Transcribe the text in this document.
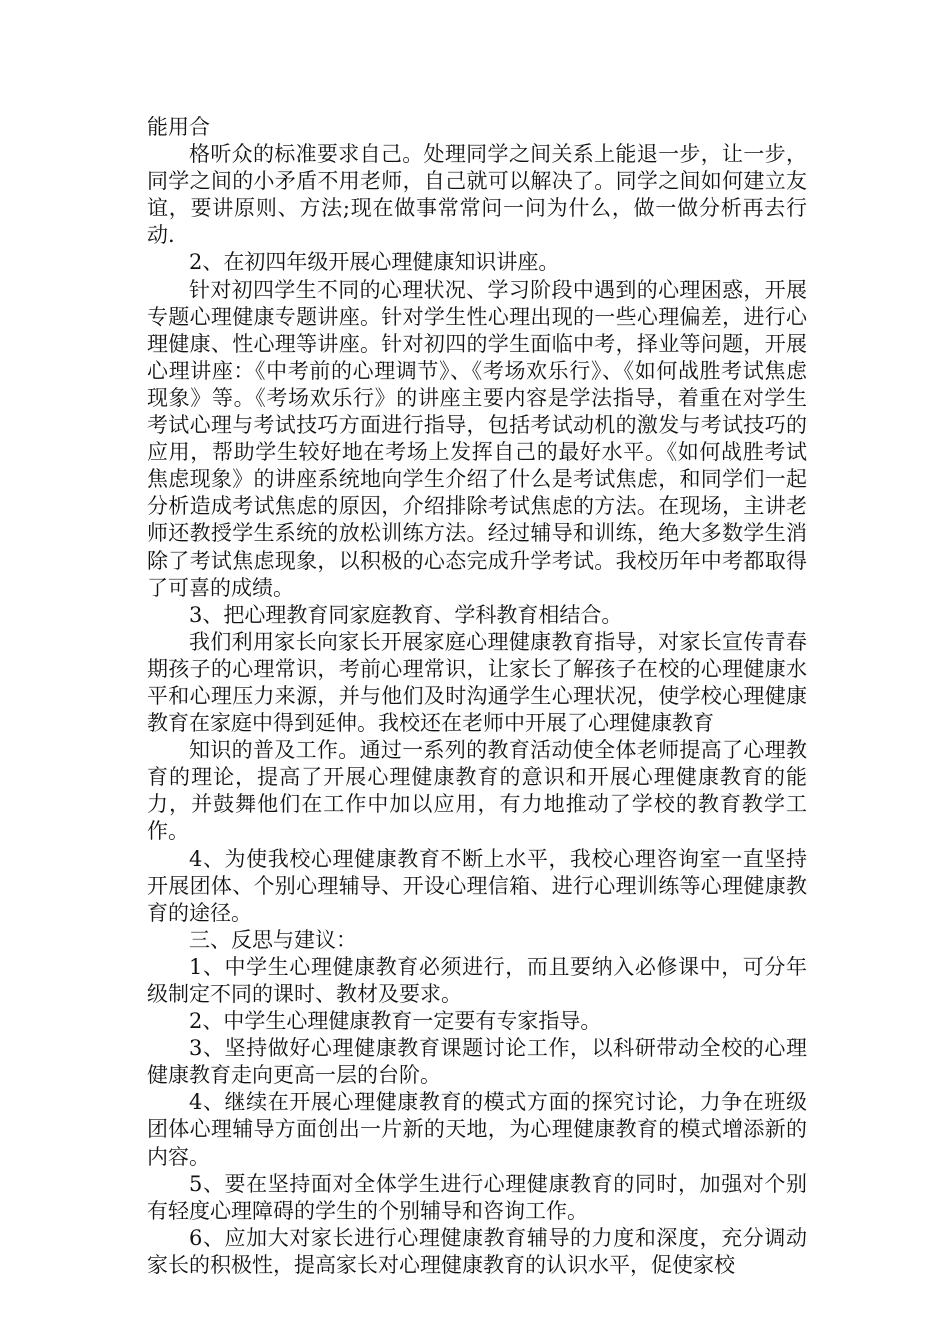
能用合

格听众的标准要求自己。处理同学之间关系上能退一步，让一步，同学之间的小矛盾不用老师，自己就可以解决了。同学之间如何建立友谊，要讲原则、方法;现在做事常常问一问为什么，做一做分析再去行动.

2、在初四年级开展心理健康知识讲座。

针对初四学生不同的心理状况、学习阶段中遇到的心理困惑，开展专题心理健康专题讲座。针对学生性心理出现的一些心理偏差，进行心理健康、性心理等讲座。针对初四的学生面临中考，择业等问题，开展心理讲座：《中考前的心理调节》、《考场欢乐行》、《如何战胜考试焦虑现象》等。《考场欢乐行》的讲座主要内容是学法指导，着重在对学生考试心理与考试技巧方面进行指导，包括考试动机的激发与考试技巧的应用，帮助学生较好地在考场上发挥自己的最好水平。《如何战胜考试焦虑现象》的讲座系统地向学生介绍了什么是考试焦虑，和同学们一起分析造成考试焦虑的原因，介绍排除考试焦虑的方法。在现场，主讲老师还教授学生系统的放松训练方法。经过辅导和训练，绝大多数学生消除了考试焦虑现象，以积极的心态完成升学考试。我校历年中考都取得了可喜的成绩。

3、把心理教育同家庭教育、学科教育相结合。

我们利用家长向家长开展家庭心理健康教育指导，对家长宣传青春期孩子的心理常识，考前心理常识，让家长了解孩子在校的心理健康水平和心理压力来源，并与他们及时沟通学生心理状况，使学校心理健康教育在家庭中得到延伸。我校还在老师中开展了心理健康教育

知识的普及工作。通过一系列的教育活动使全体老师提高了心理教育的理论，提高了开展心理健康教育的意识和开展心理健康教育的能力，并鼓舞他们在工作中加以应用，有力地推动了学校的教育教学工作。

4、为使我校心理健康教育不断上水平，我校心理咨询室一直坚持开展团体、个别心理辅导、开设心理信箱、进行心理训练等心理健康教育的途径。

三、反思与建议：

1、中学生心理健康教育必须进行，而且要纳入必修课中，可分年级制定不同的课时、教材及要求。

2、中学生心理健康教育一定要有专家指导。

3、坚持做好心理健康教育课题讨论工作，以科研带动全校的心理健康教育走向更高一层的台阶。

4、继续在开展心理健康教育的模式方面的探究讨论，力争在班级团体心理辅导方面创出一片新的天地，为心理健康教育的模式增添新的内容。

5、要在坚持面对全体学生进行心理健康教育的同时，加强对个别有轻度心理障碍的学生的个别辅导和咨询工作。

6、应加大对家长进行心理健康教育辅导的力度和深度，充分调动家长的积极性，提高家长对心理健康教育的认识水平，促使家校
